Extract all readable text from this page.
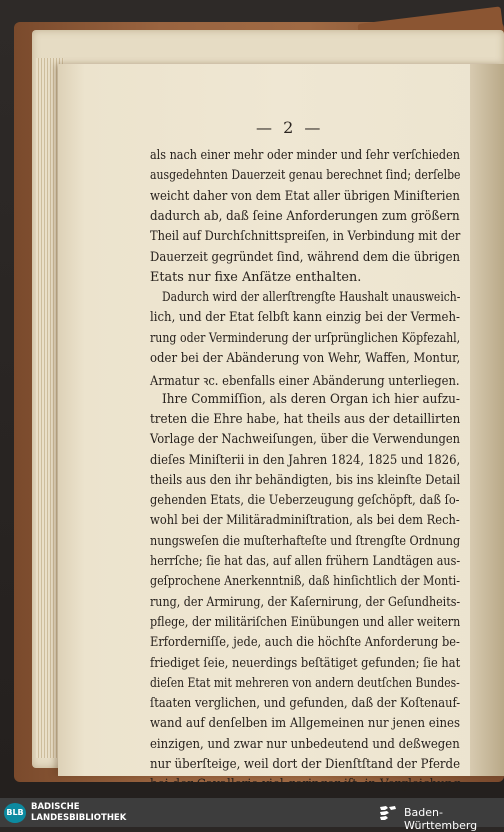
— 2 —
als nach einer mehr oder minder und ſehr verſchieden
ausgedehnten Dauerzeit genau berechnet ſind; derſelbe
weicht daher von dem Etat aller übrigen Miniſterien
dadurch ab, daß ſeine Anforderungen zum größern
Theil auf Durchſchnittspreiſen, in Verbindung mit der
Dauerzeit gegründet ſind, während dem die übrigen
Etats nur fixe Anſätze enthalten.
Dadurch wird der allerſtrengſte Haushalt unausweich-
lich, und der Etat ſelbſt kann einzig bei der Vermeh-
rung oder Verminderung der urſprünglichen Köpfezahl,
oder bei der Abänderung von Wehr, Waffen, Montur,
Armatur ꝛc. ebenfalls einer Abänderung unterliegen.
Ihre Commiſſion, als deren Organ ich hier aufzu-
treten die Ehre habe, hat theils aus der detaillirten
Vorlage der Nachweiſungen, über die Verwendungen
dieſes Miniſterii in den Jahren 1824, 1825 und 1826,
theils aus den ihr behändigten, bis ins kleinſte Detail
gehenden Etats, die Ueberzeugung geſchöpft, daß ſo-
wohl bei der Militäradminiſtration, als bei dem Rech-
nungsweſen die muſterhafteſte und ſtrengſte Ordnung
herrſche; ſie hat das, auf allen frühern Landtägen aus-
geſprochene Anerkenntniß, daß hinſichtlich der Monti-
rung, der Armirung, der Kaſernirung, der Geſundheits-
pflege, der militäriſchen Einübungen und aller weitern
Erforderniſſe, jede, auch die höchſte Anforderung be-
friediget ſeie, neuerdings beſtätiget gefunden; ſie hat
dieſen Etat mit mehreren von andern deutſchen Bundes-
ſtaaten verglichen, und gefunden, daß der Koſtenauf-
wand auf denſelben im Allgemeinen nur jenen eines
einzigen, und zwar nur unbedeutend und deßwegen
nur überſteige, weil dort der Dienſtſtand der Pferde
bei der Cavallerie viel geringer iſt, in Vergleichung
BLB
BADISCHE
LANDESBIBLIOTHEK	Baden-Württemberg
